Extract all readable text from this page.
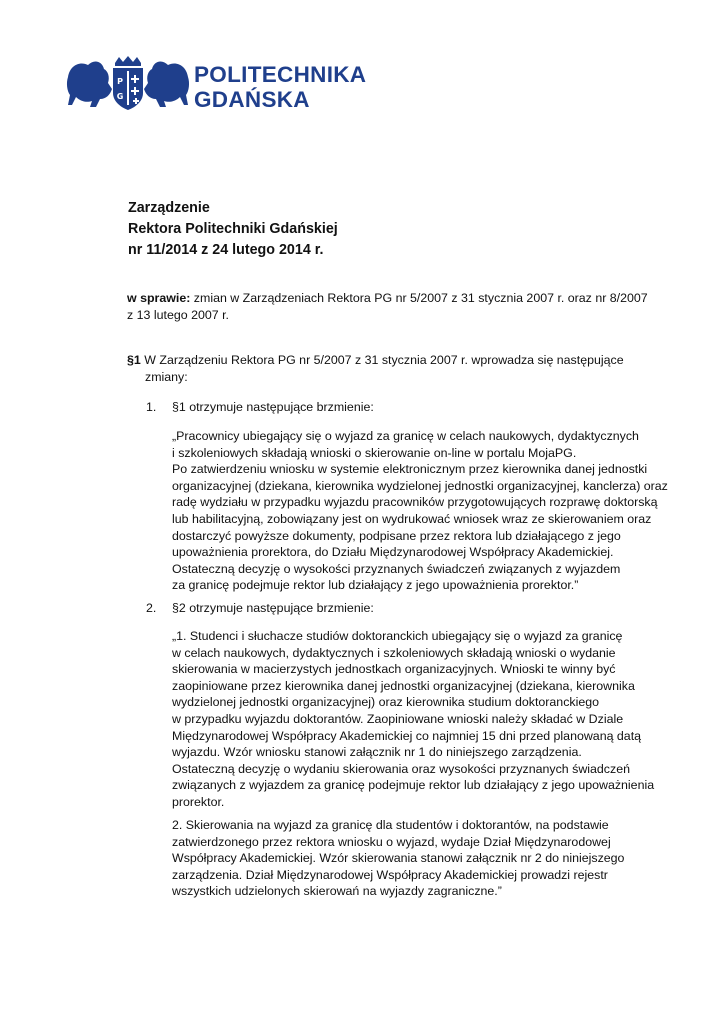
P
G
POLITECHNIKA
GDAŃSKA
Zarządzenie
Rektora Politechniki Gdańskiej
nr 11/2014 z 24 lutego 2014 r.
w sprawie: zmian w Zarządzeniach Rektora PG nr 5/2007 z 31 stycznia 2007 r. oraz nr 8/2007
z 13 lutego 2007 r.
§1 W Zarządzeniu Rektora PG nr 5/2007 z 31 stycznia 2007 r. wprowadza się następujące
zmiany:
1. §1 otrzymuje następujące brzmienie:
„Pracownicy ubiegający się o wyjazd za granicę w celach naukowych, dydaktycznych
i szkoleniowych składają wnioski o skierowanie on-line w portalu MojaPG.
Po zatwierdzeniu wniosku w systemie elektronicznym przez kierownika danej jednostki
organizacyjnej (dziekana, kierownika wydzielonej jednostki organizacyjnej, kanclerza) oraz
radę wydziału w przypadku wyjazdu pracowników przygotowujących rozprawę doktorską
lub habilitacyjną, zobowiązany jest on wydrukować wniosek wraz ze skierowaniem oraz
dostarczyć powyższe dokumenty, podpisane przez rektora lub działającego z jego
upoważnienia prorektora, do Działu Międzynarodowej Współpracy Akademickiej.
Ostateczną decyzję o wysokości przyznanych świadczeń związanych z wyjazdem
za granicę podejmuje rektor lub działający z jego upoważnienia prorektor.”
2. §2 otrzymuje następujące brzmienie:
„1. Studenci i słuchacze studiów doktoranckich ubiegający się o wyjazd za granicę
w celach naukowych, dydaktycznych i szkoleniowych składają wnioski o wydanie
skierowania w macierzystych jednostkach organizacyjnych. Wnioski te winny być
zaopiniowane przez kierownika danej jednostki organizacyjnej (dziekana, kierownika
wydzielonej jednostki organizacyjnej) oraz kierownika studium doktoranckiego
w przypadku wyjazdu doktorantów. Zaopiniowane wnioski należy składać w Dziale
Międzynarodowej Współpracy Akademickiej co najmniej 15 dni przed planowaną datą
wyjazdu. Wzór wniosku stanowi załącznik nr 1 do niniejszego zarządzenia.
Ostateczną decyzję o wydaniu skierowania oraz wysokości przyznanych świadczeń
związanych z wyjazdem za granicę podejmuje rektor lub działający z jego upoważnienia
prorektor.
2. Skierowania na wyjazd za granicę dla studentów i doktorantów, na podstawie
zatwierdzonego przez rektora wniosku o wyjazd, wydaje Dział Międzynarodowej
Współpracy Akademickiej. Wzór skierowania stanowi załącznik nr 2 do niniejszego
zarządzenia. Dział Międzynarodowej Współpracy Akademickiej prowadzi rejestr
wszystkich udzielonych skierowań na wyjazdy zagraniczne.”
